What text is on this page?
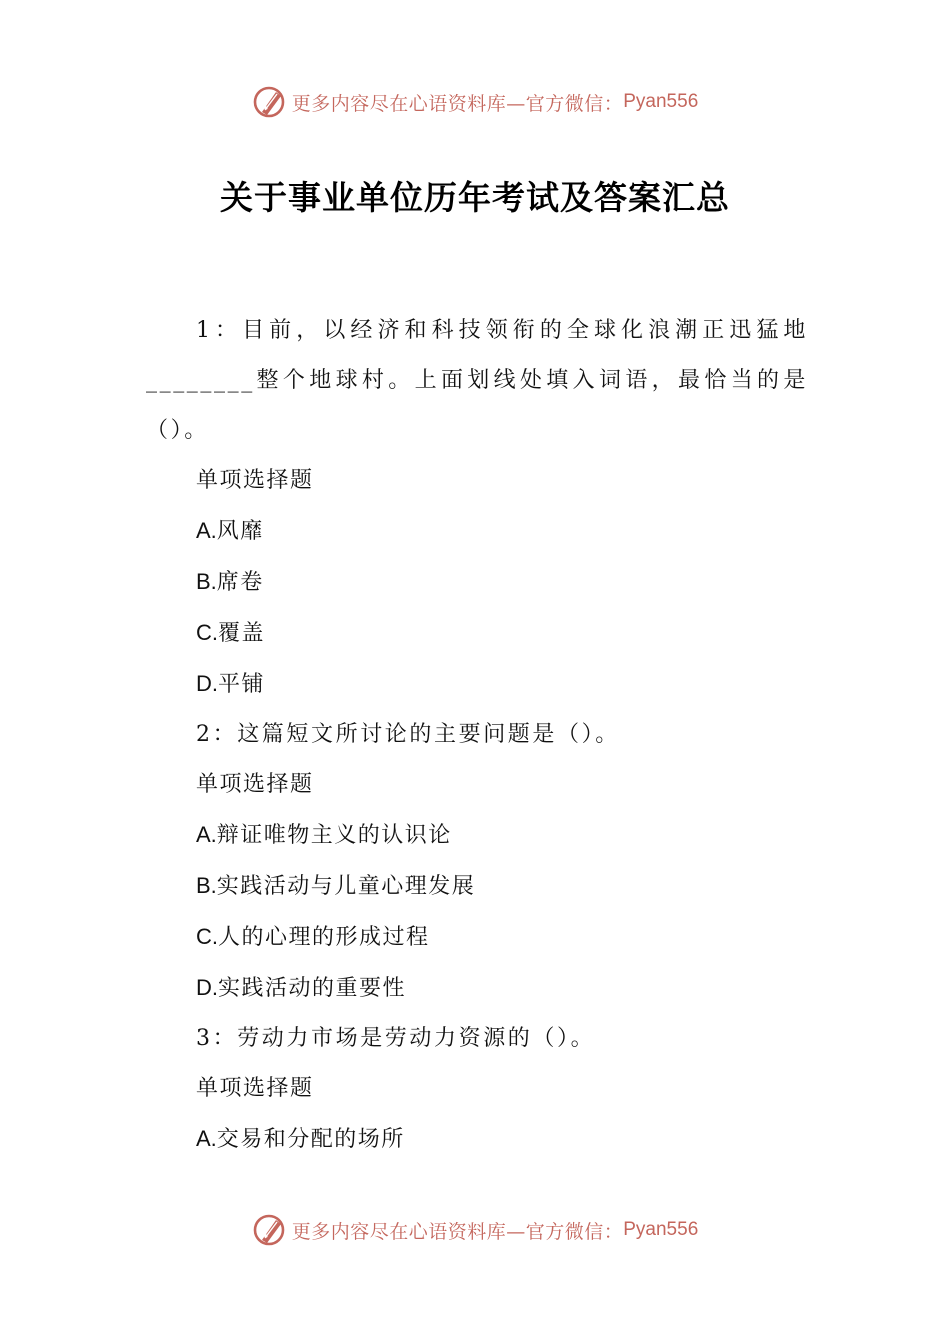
更多内容尽在心语资料库—官方微信： Pyan556
关于事业单位历年考试及答案汇总

1：目前，以经济和科技领衔的全球化浪潮正迅猛地________整个地球村。上面划线处填入词语，最恰当的是（）。

单项选择题

A.风靡

B.席卷

C.覆盖

D.平铺

2：这篇短文所讨论的主要问题是（）。

单项选择题

A.辩证唯物主义的认识论

B.实践活动与儿童心理发展

C.人的心理的形成过程

D.实践活动的重要性

3：劳动力市场是劳动力资源的（）。

单项选择题

A.交易和分配的场所

更多内容尽在心语资料库—官方微信： Pyan556
